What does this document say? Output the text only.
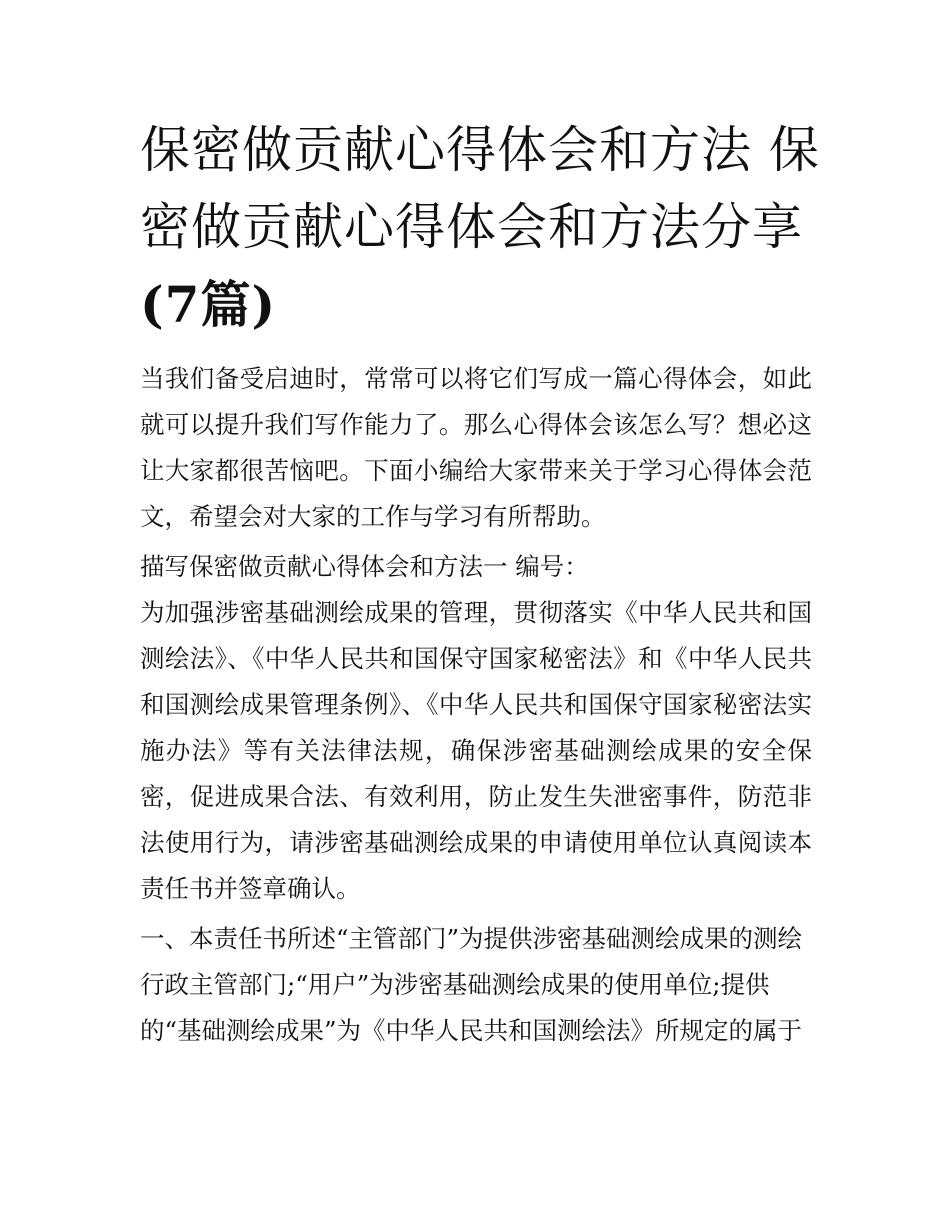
保密做贡献心得体会和方法 保
密做贡献心得体会和方法分享
(7篇)

当我们备受启迪时，常常可以将它们写成一篇心得体会，如此就可以提升我们写作能力了。那么心得体会该怎么写？想必这让大家都很苦恼吧。下面小编给大家带来关于学习心得体会范文，希望会对大家的工作与学习有所帮助。

描写保密做贡献心得体会和方法一 编号：

为加强涉密基础测绘成果的管理，贯彻落实《中华人民共和国测绘法》、《中华人民共和国保守国家秘密法》和《中华人民共和国测绘成果管理条例》、《中华人民共和国保守国家秘密法实施办法》等有关法律法规，确保涉密基础测绘成果的安全保密，促进成果合法、有效利用，防止发生失泄密事件，防范非法使用行为，请涉密基础测绘成果的申请使用单位认真阅读本责任书并签章确认。

一、本责任书所述“主管部门”为提供涉密基础测绘成果的测绘

行政主管部门;“用户”为涉密基础测绘成果的使用单位;提供

的“基础测绘成果”为《中华人民共和国测绘法》所规定的属于
